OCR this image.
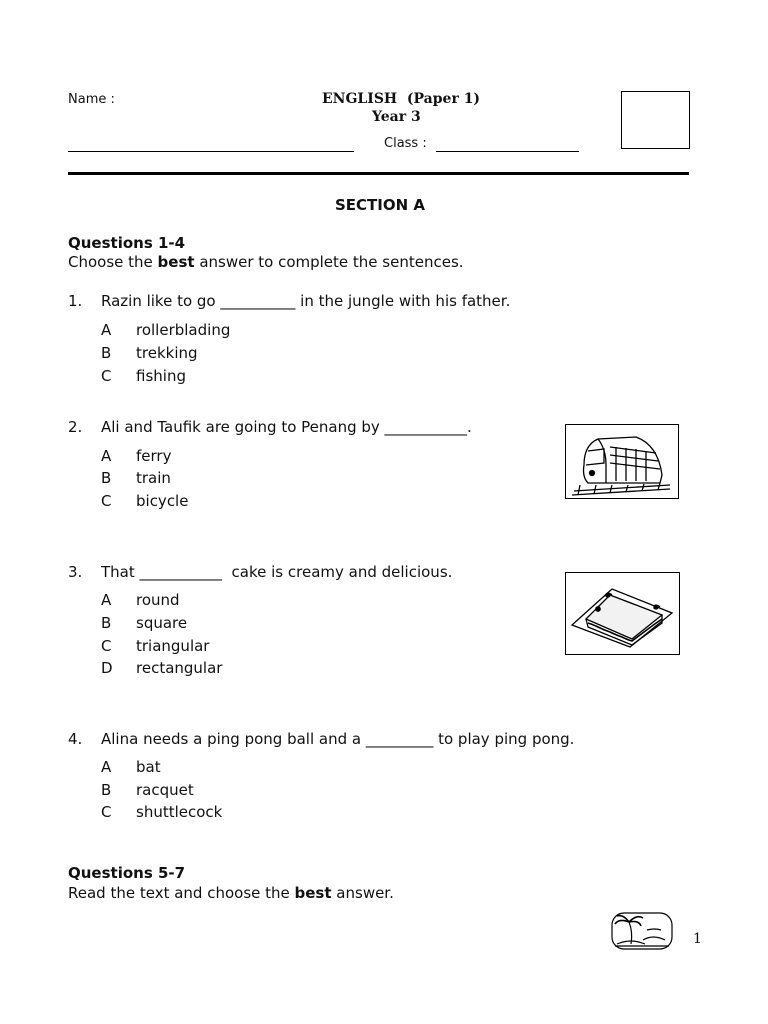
Name :	ENGLISH  (Paper 1)
Year 3
Class :
SECTION A
Questions 1-4
Choose the best answer to complete the sentences.
1. Razin like to go __________ in the jungle with his father.
A rollerblading
B trekking
C fishing
2. Ali and Taufik are going to Penang by ___________.
A ferry
B train
C bicycle
3. That ___________  cake is creamy and delicious.
A round
B square
C triangular
D rectangular
4. Alina needs a ping pong ball and a _________ to play ping pong.
A bat
B racquet
C shuttlecock
Questions 5-7
Read the text and choose the best answer.
1
